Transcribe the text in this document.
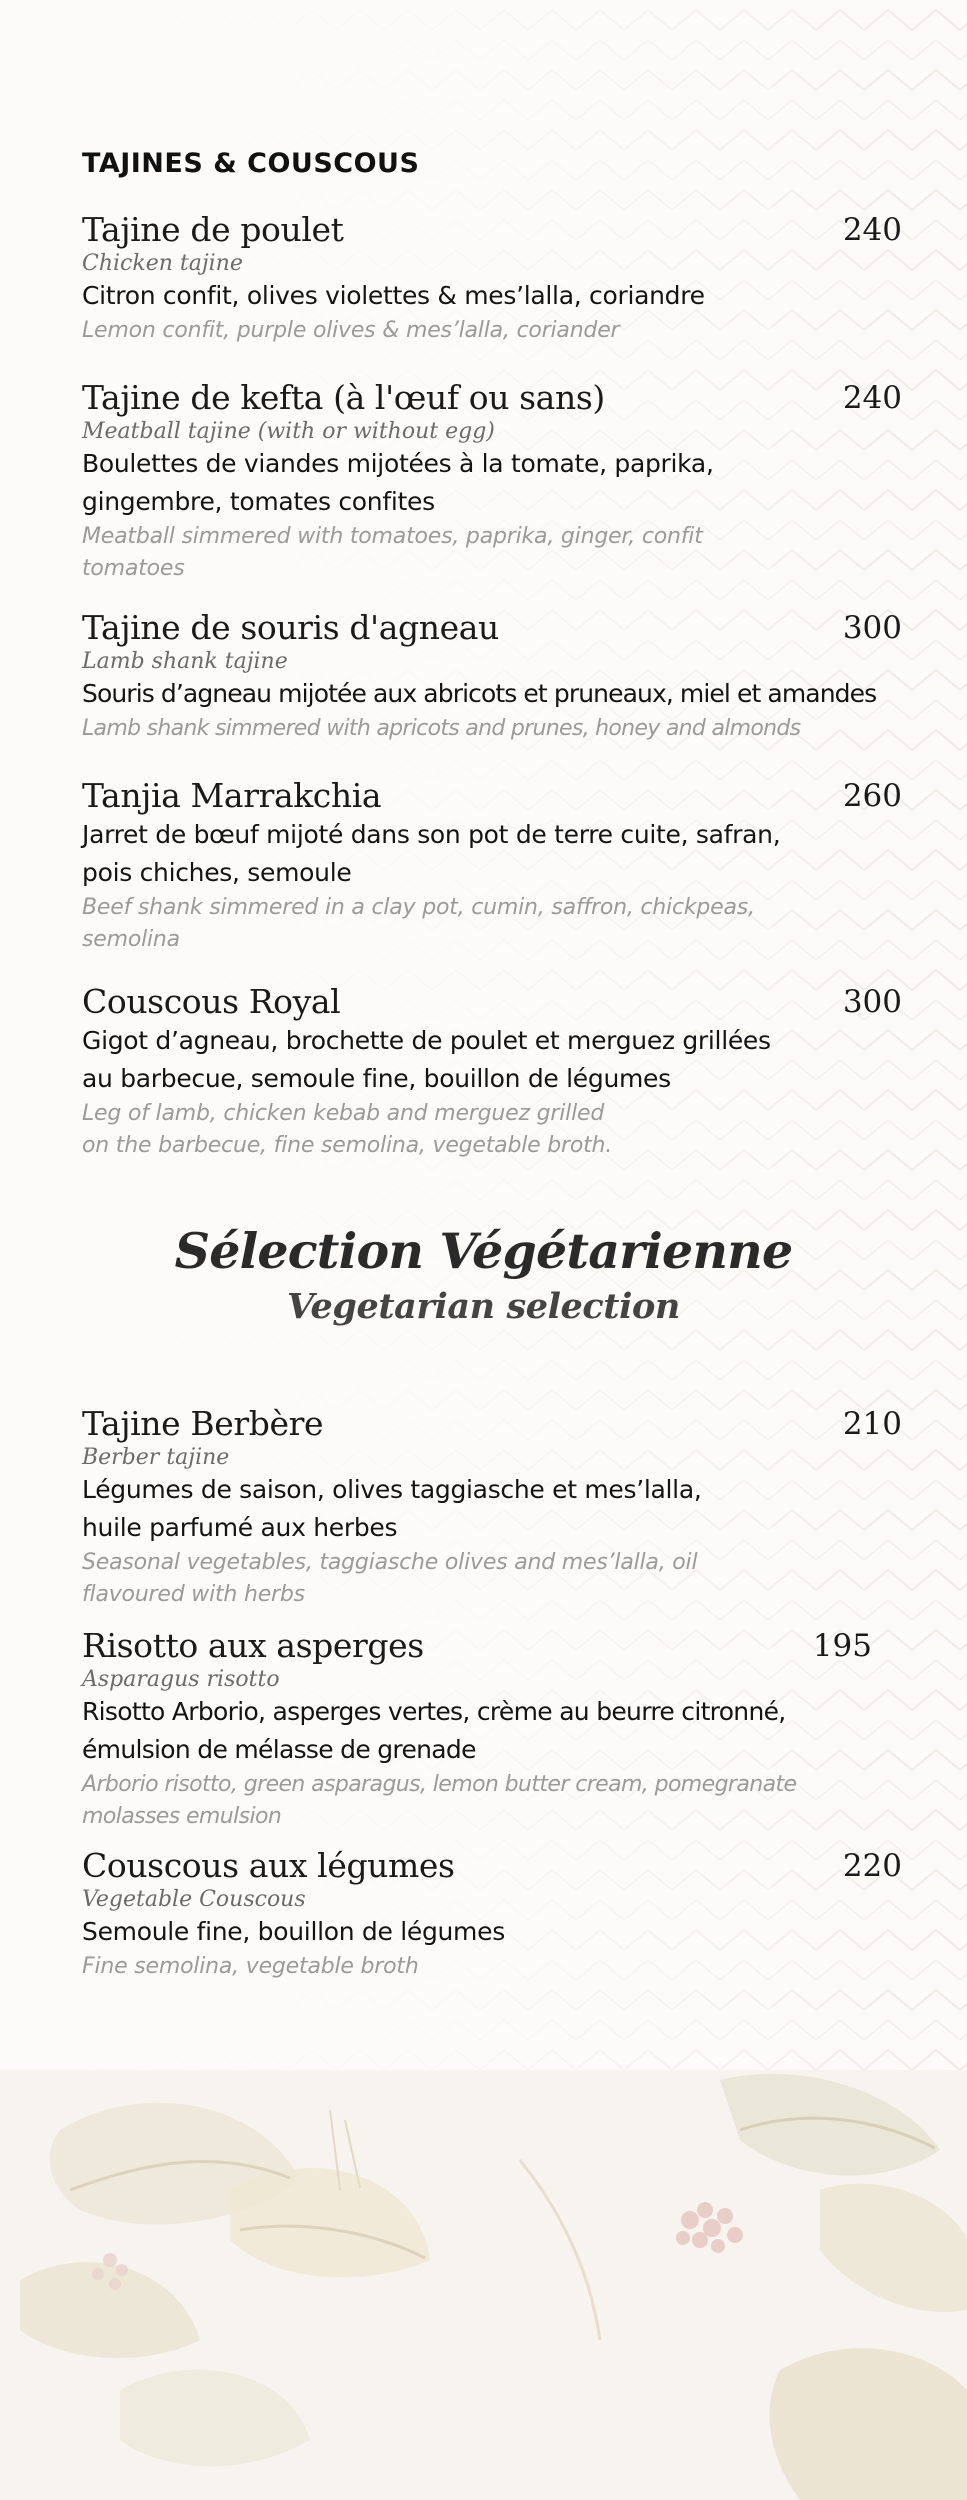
TAJINES & COUSCOUS
Tajine de poulet	240
Chicken tajine
Citron confit, olives violettes & mes’lalla, coriandre
Lemon confit, purple olives & mes’lalla, coriander
Tajine de kefta (à l'œuf ou sans)	240
Meatball tajine (with or without egg)
Boulettes de viandes mijotées à la tomate, paprika,
gingembre, tomates confites
Meatball simmered with tomatoes, paprika, ginger, confit
tomatoes
Tajine de souris d'agneau	300
Lamb shank tajine
Souris d’agneau mijotée aux abricots et pruneaux, miel et amandes
Lamb shank simmered with apricots and prunes, honey and almonds
Tanjia Marrakchia	260
Jarret de bœuf mijoté dans son pot de terre cuite, safran,
pois chiches, semoule
Beef shank simmered in a clay pot, cumin, saffron, chickpeas,
semolina
Couscous Royal	300
Gigot d’agneau, brochette de poulet et merguez grillées
au barbecue, semoule fine, bouillon de légumes
Leg of lamb, chicken kebab and merguez grilled
on the barbecue, fine semolina, vegetable broth.
Sélection Végétarienne
Vegetarian selection
Tajine Berbère	210
Berber tajine
Légumes de saison, olives taggiasche et mes’lalla,
huile parfumé aux herbes
Seasonal vegetables, taggiasche olives and mes’lalla, oil
flavoured with herbs
Risotto aux asperges	195
Asparagus risotto
Risotto Arborio, asperges vertes, crème au beurre citronné,
émulsion de mélasse de grenade
Arborio risotto, green asparagus, lemon butter cream, pomegranate
molasses emulsion
Couscous aux légumes	220
Vegetable Couscous
Semoule fine, bouillon de légumes
Fine semolina, vegetable broth
